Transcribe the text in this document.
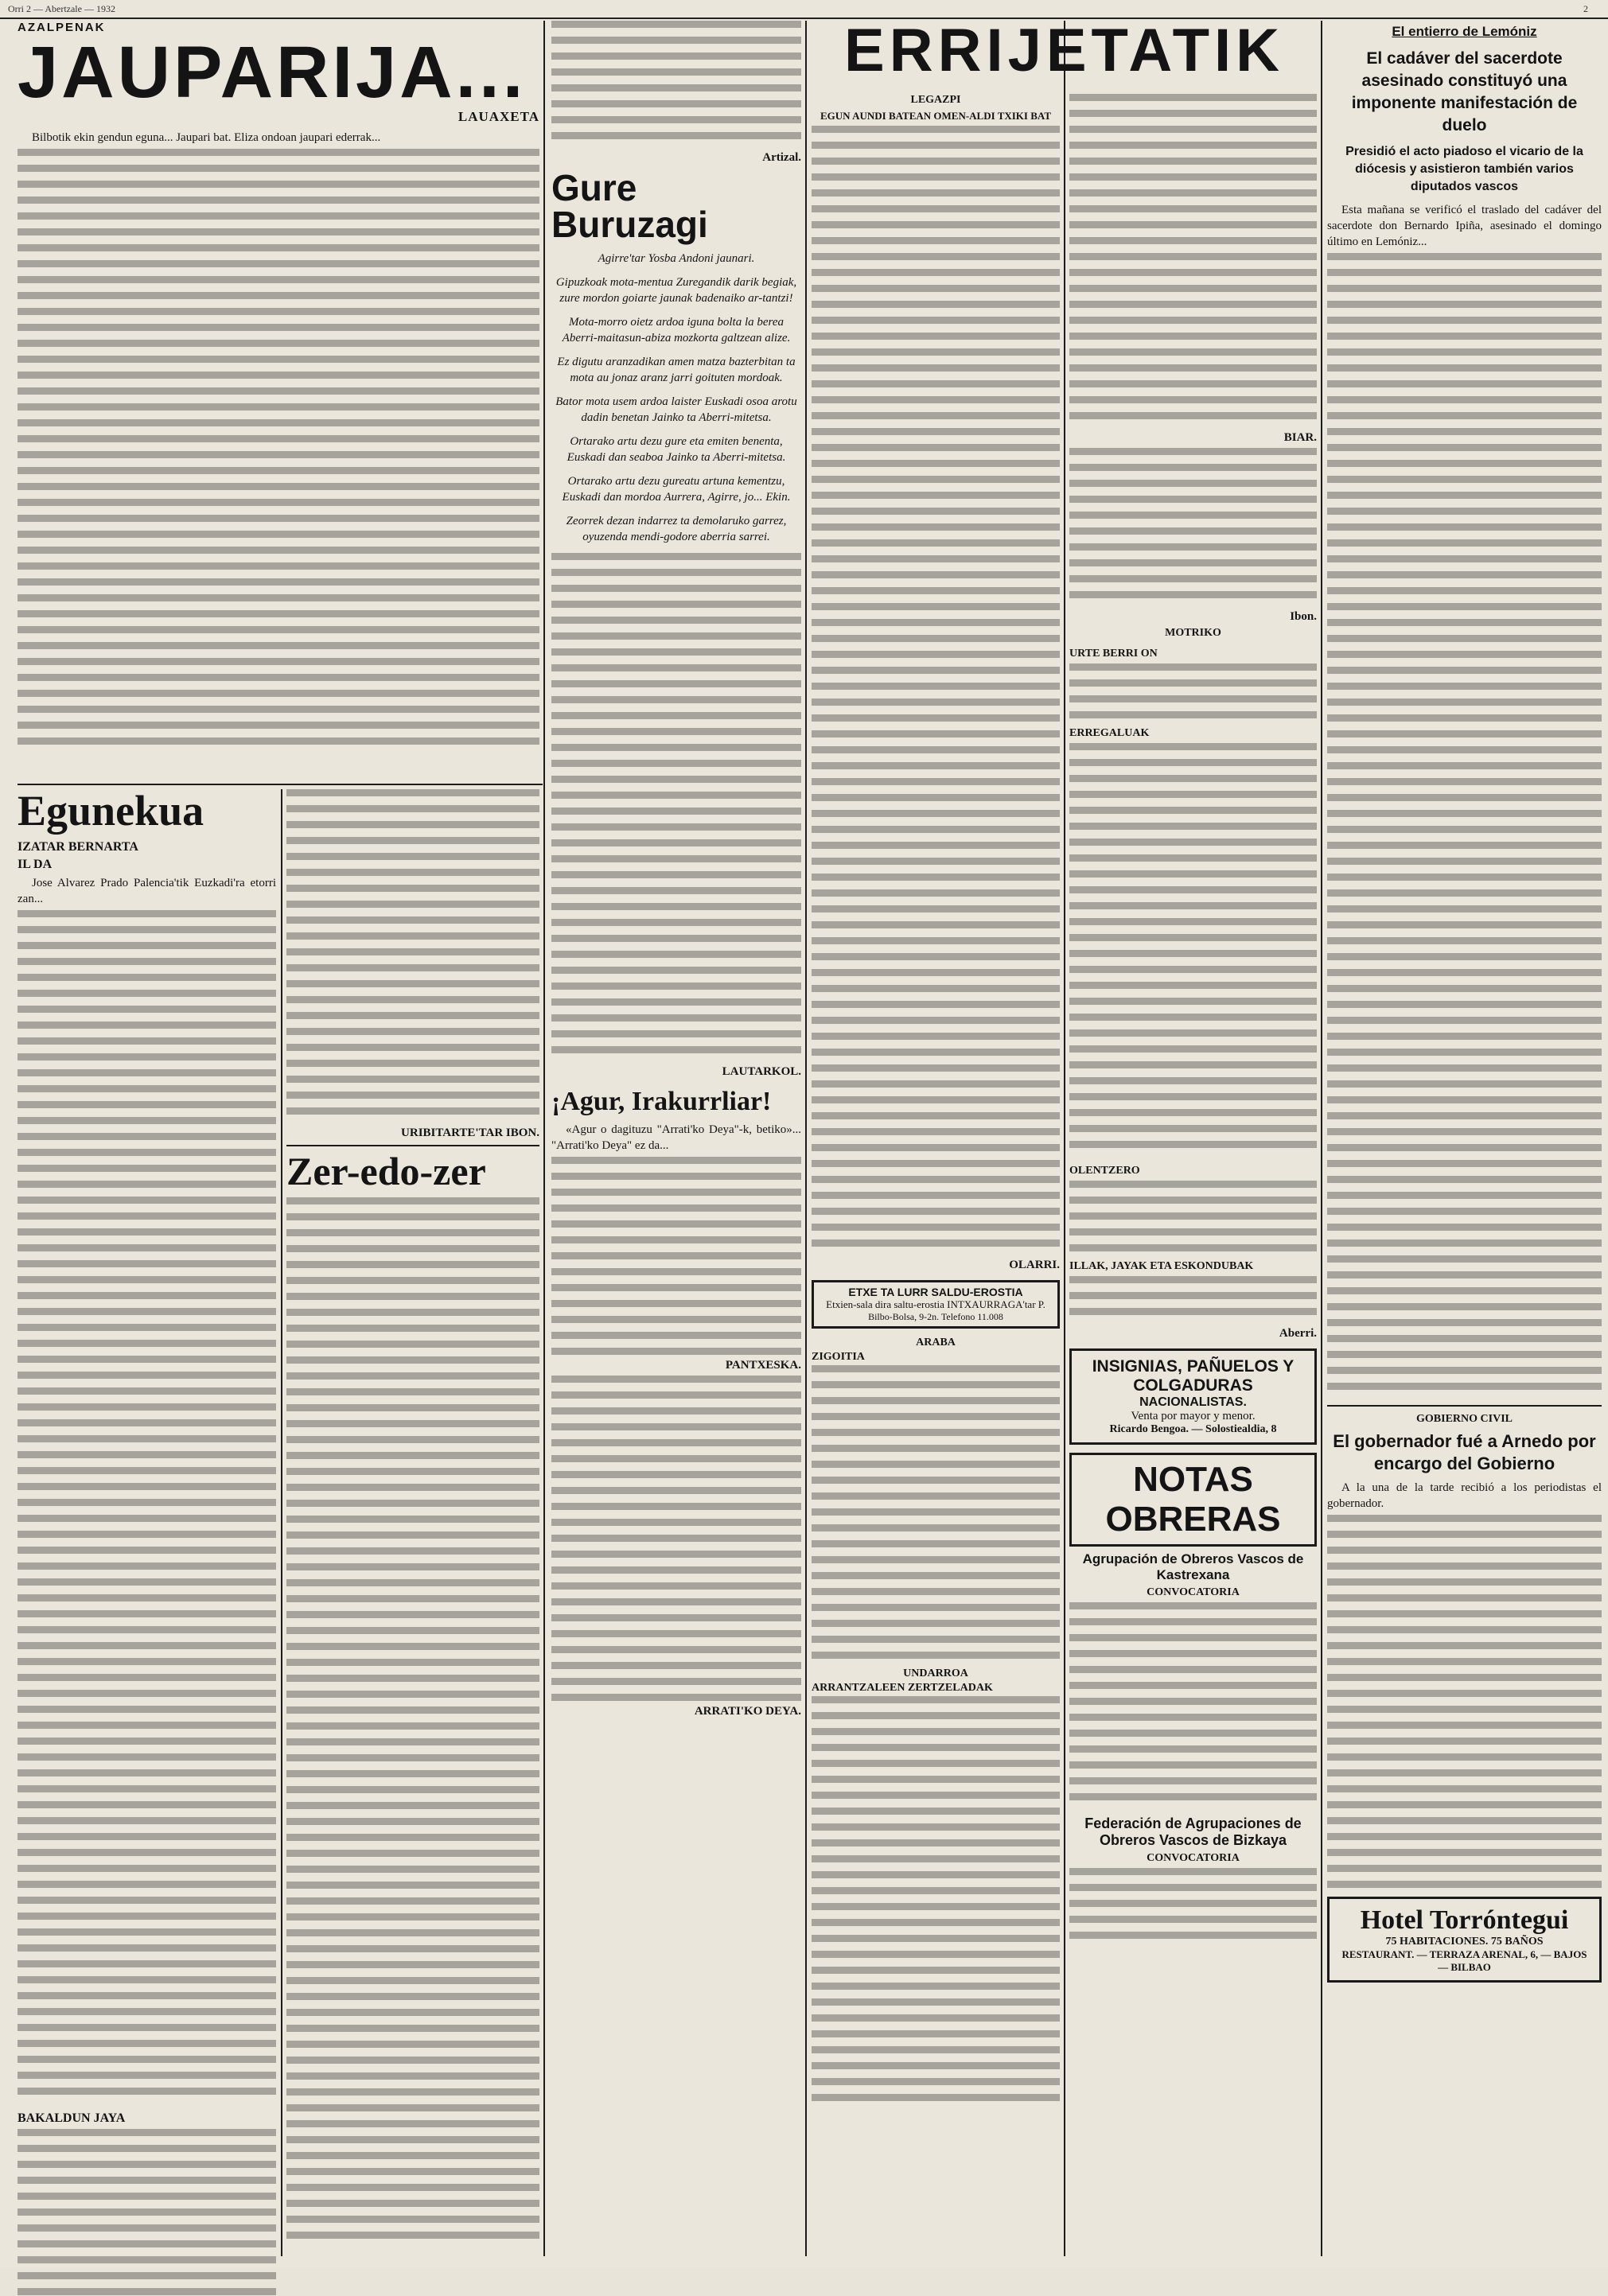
Orri 2 — Abertzale — 1932	2
AZALPENAK
JAUPARIJA...
LAUAXETA

Bilbotik ekin gendun eguna... Jaupari bat. Eliza ondoan jaupari ederrak...

Egunekua
IZATAR BERNARTA
IL DA

Jose Alvarez Prado Palencia'tik Euzkadi'ra etorri zan...

BAKALDUN JAYA
URIBITARTE'TAR IBON.
Zer-edo-zer
Artizal.
Gure Buruzagi

Agirre'tar Yosba Andoni jaunari.

Gipuzkoak mota-mentua Zuregandik darik begiak, zure mordon goiarte jaunak badenaiko ar-tantzi!

Mota-morro oietz ardoa iguna bolta la berea Aberri-maitasun-abiza mozkorta galtzean alize.

Ez digutu aranzadikan amen matza bazterbitan ta mota au jonaz aranz jarri goituten mordoak.

Bator mota usem ardoa laister Euskadi osoa arotu dadin benetan Jainko ta Aberri-mitetsa.

Ortarako artu dezu gure eta emiten benenta, Euskadi dan seaboa Jainko ta Aberri-mitetsa.

Ortarako artu dezu gureatu artuna kementzu, Euskadi dan mordoa Aurrera, Agirre, jo... Ekin.

Zeorrek dezan indarrez ta demolaruko garrez, oyuzenda mendi-godore aberria sarrei.

LAUTARKOL.
¡Agur, Irakurrliar!

«Agur o dagituzu "Arrati'ko Deya"-k, betiko»... "Arrati'ko Deya" ez da...

PANTXESKA.
ARRATI'KO DEYA.
ERRIJETATIK
LEGAZPI
EGUN AUNDI BATEAN OMEN-ALDI TXIKI BAT
OLARRI.
ETXE TA LURR SALDU-EROSTIA
Etxien-sala dira saltu-erostia INTXAURRAGA'tar P.
Bilbo-Bolsa, 9-2n. Telefono 11.008
ARABA
ZIGOITIA
UNDARROA
ARRANTZALEEN ZERTZELADAK
BIAR.
Ibon.
MOTRIKO
URTE BERRI ON
ERREGALUAK
OLENTZERO
ILLAK, JAYAK ETA ESKONDUBAK
Aberri.
INSIGNIAS, PAÑUELOS Y COLGADURAS
NACIONALISTAS.
Venta por mayor y menor.
Ricardo Bengoa. — Solostiealdia, 8
NOTAS OBRERAS
Agrupación de Obreros Vascos de Kastrexana
CONVOCATORIA
Federación de Agrupaciones de Obreros Vascos de Bizkaya
CONVOCATORIA
El entierro de Lemóniz
El cadáver del sacerdote asesinado constituyó una imponente manifestación de duelo
Presidió el acto piadoso el vicario de la diócesis y asistieron también varios diputados vascos

Esta mañana se verificó el traslado del cadáver del sacerdote don Bernardo Ipiña, asesinado el domingo último en Lemóniz...

GOBIERNO CIVIL
El gobernador fué a Arnedo por encargo del Gobierno

A la una de la tarde recibió a los periodistas el gobernador.

Hotel Torróntegui
75 HABITACIONES. 75 BAÑOS
RESTAURANT. — TERRAZA ARENAL, 6, — BAJOS — BILBAO
